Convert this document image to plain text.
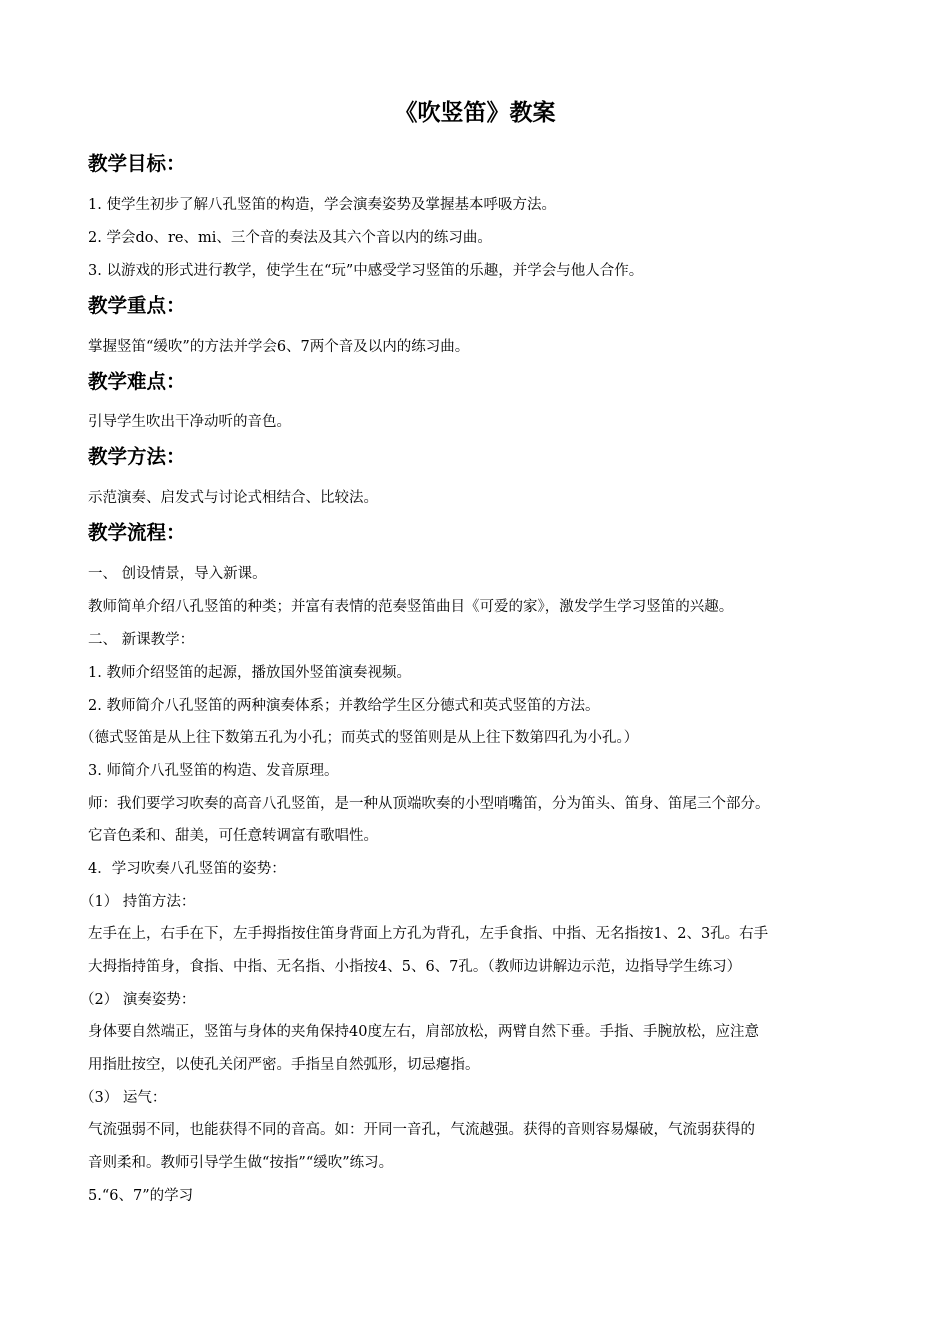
《吹竖笛》教案
教学目标：
1. 使学生初步了解八孔竖笛的构造，学会演奏姿势及掌握基本呼吸方法。
2. 学会do、re、mi、三个音的奏法及其六个音以内的练习曲。
3. 以游戏的形式进行教学，使学生在“玩”中感受学习竖笛的乐趣，并学会与他人合作。
教学重点：
掌握竖笛“缓吹”的方法并学会6、7两个音及以内的练习曲。
教学难点：
引导学生吹出干净动听的音色。
教学方法：
示范演奏、启发式与讨论式相结合、比较法。
教学流程：
一、 创设情景，导入新课。
教师简单介绍八孔竖笛的种类；并富有表情的范奏竖笛曲目《可爱的家》，激发学生学习竖笛的兴趣。
二、 新课教学：
1. 教师介绍竖笛的起源，播放国外竖笛演奏视频。
2. 教师简介八孔竖笛的两种演奏体系；并教给学生区分德式和英式竖笛的方法。
（德式竖笛是从上往下数第五孔为小孔；而英式的竖笛则是从上往下数第四孔为小孔。）
3. 师简介八孔竖笛的构造、发音原理。
师：我们要学习吹奏的高音八孔竖笛，是一种从顶端吹奏的小型哨嘴笛，分为笛头、笛身、笛尾三个部分。
它音色柔和、甜美，可任意转调富有歌唱性。
4．学习吹奏八孔竖笛的姿势：
（1） 持笛方法：
左手在上，右手在下，左手拇指按住笛身背面上方孔为背孔，左手食指、中指、无名指按1、2、3孔。右手
大拇指持笛身，食指、中指、无名指、小指按4、5、6、7孔。（教师边讲解边示范，边指导学生练习）
（2） 演奏姿势：
身体要自然端正，竖笛与身体的夹角保持40度左右，肩部放松，两臂自然下垂。手指、手腕放松，应注意
用指肚按空，以使孔关闭严密。手指呈自然弧形，切忌瘪指。
（3） 运气：
气流强弱不同，也能获得不同的音高。如：开同一音孔，气流越强。获得的音则容易爆破，气流弱获得的
音则柔和。教师引导学生做“按指”“缓吹”练习。
5.“6、7”的学习
